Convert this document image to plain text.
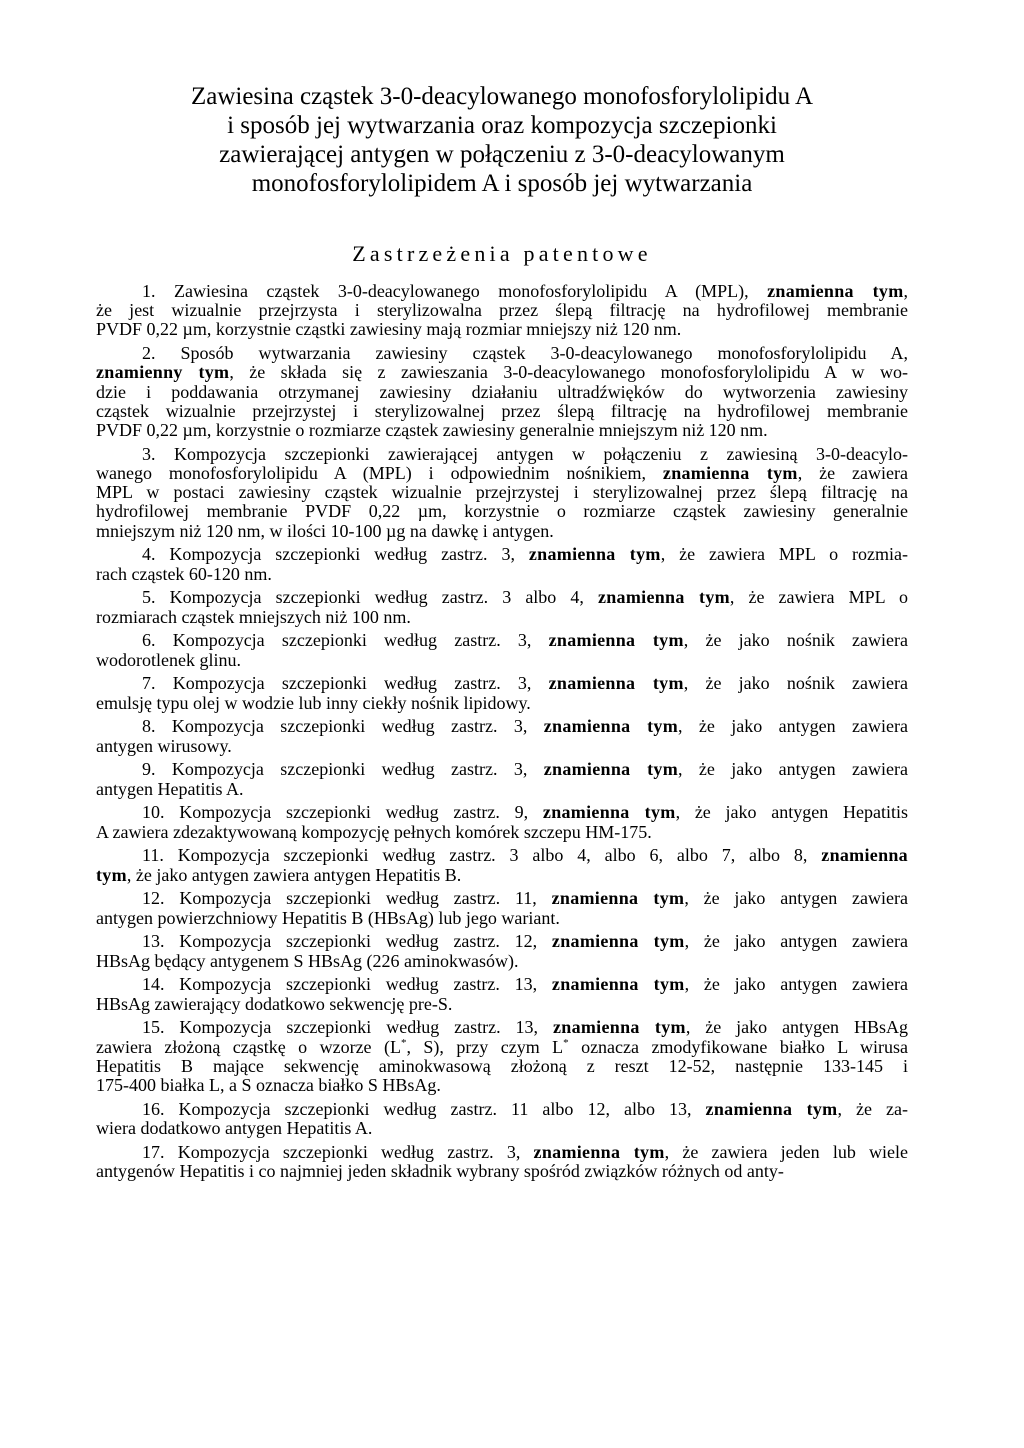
Zawiesina cząstek 3-0-deacylowanego monofosforylolipidu A
i sposób jej wytwarzania oraz kompozycja szczepionki
zawierającej antygen w połączeniu z 3-0-deacylowanym
monofosforylolipidem A i sposób jej wytwarzania
Zastrzeżenia patentowe
1. Zawiesina cząstek 3-0-deacylowanego monofosforylolipidu A (MPL), znamienna tym,
że jest wizualnie przejrzysta i sterylizowalna przez ślepą filtrację na hydrofilowej membranie
PVDF 0,22 µm, korzystnie cząstki zawiesiny mają rozmiar mniejszy niż 120 nm.
2. Sposób wytwarzania zawiesiny cząstek 3-0-deacylowanego monofosforylolipidu A,
znamienny tym, że składa się z zawieszania 3-0-deacylowanego monofosforylolipidu A w wo-
dzie i poddawania otrzymanej zawiesiny działaniu ultradźwięków do wytworzenia zawiesiny
cząstek wizualnie przejrzystej i sterylizowalnej przez ślepą filtrację na hydrofilowej membranie
PVDF 0,22 µm, korzystnie o rozmiarze cząstek zawiesiny generalnie mniejszym niż 120 nm.
3. Kompozycja szczepionki zawierającej antygen w połączeniu z zawiesiną 3-0-deacylo-
wanego monofosforylolipidu A (MPL) i odpowiednim nośnikiem, znamienna tym, że zawiera
MPL w postaci zawiesiny cząstek wizualnie przejrzystej i sterylizowalnej przez ślepą filtrację na
hydrofilowej membranie PVDF 0,22 µm, korzystnie o rozmiarze cząstek zawiesiny generalnie
mniejszym niż 120 nm, w ilości 10-100 µg na dawkę i antygen.
4. Kompozycja szczepionki według zastrz. 3, znamienna tym, że zawiera MPL o rozmia-
rach cząstek 60-120 nm.
5. Kompozycja szczepionki według zastrz. 3 albo 4, znamienna tym, że zawiera MPL o
rozmiarach cząstek mniejszych niż 100 nm.
6. Kompozycja szczepionki według zastrz. 3, znamienna tym, że jako nośnik zawiera
wodorotlenek glinu.
7. Kompozycja szczepionki według zastrz. 3, znamienna tym, że jako nośnik zawiera
emulsję typu olej w wodzie lub inny ciekły nośnik lipidowy.
8. Kompozycja szczepionki według zastrz. 3, znamienna tym, że jako antygen zawiera
antygen wirusowy.
9. Kompozycja szczepionki według zastrz. 3, znamienna tym, że jako antygen zawiera
antygen Hepatitis A.
10. Kompozycja szczepionki według zastrz. 9, znamienna tym, że jako antygen Hepatitis
A zawiera zdezaktywowaną kompozycję pełnych komórek szczepu HM-175.
11. Kompozycja szczepionki według zastrz. 3 albo 4, albo 6, albo 7, albo 8, znamienna
tym, że jako antygen zawiera antygen Hepatitis B.
12. Kompozycja szczepionki według zastrz. 11, znamienna tym, że jako antygen zawiera
antygen powierzchniowy Hepatitis B (HBsAg) lub jego wariant.
13. Kompozycja szczepionki według zastrz. 12, znamienna tym, że jako antygen zawiera
HBsAg będący antygenem S HBsAg (226 aminokwasów).
14. Kompozycja szczepionki według zastrz. 13, znamienna tym, że jako antygen zawiera
HBsAg zawierający dodatkowo sekwencję pre-S.
15. Kompozycja szczepionki według zastrz. 13, znamienna tym, że jako antygen HBsAg
zawiera złożoną cząstkę o wzorze (L*, S), przy czym L* oznacza zmodyfikowane białko L wirusa
Hepatitis B mające sekwencję aminokwasową złożoną z reszt 12-52, następnie 133-145 i
175-400 białka L, a S oznacza białko S HBsAg.
16. Kompozycja szczepionki według zastrz. 11 albo 12, albo 13, znamienna tym, że za-
wiera dodatkowo antygen Hepatitis A.
17. Kompozycja szczepionki według zastrz. 3, znamienna tym, że zawiera jeden lub wiele
antygenów Hepatitis i co najmniej jeden składnik wybrany spośród związków różnych od anty-
